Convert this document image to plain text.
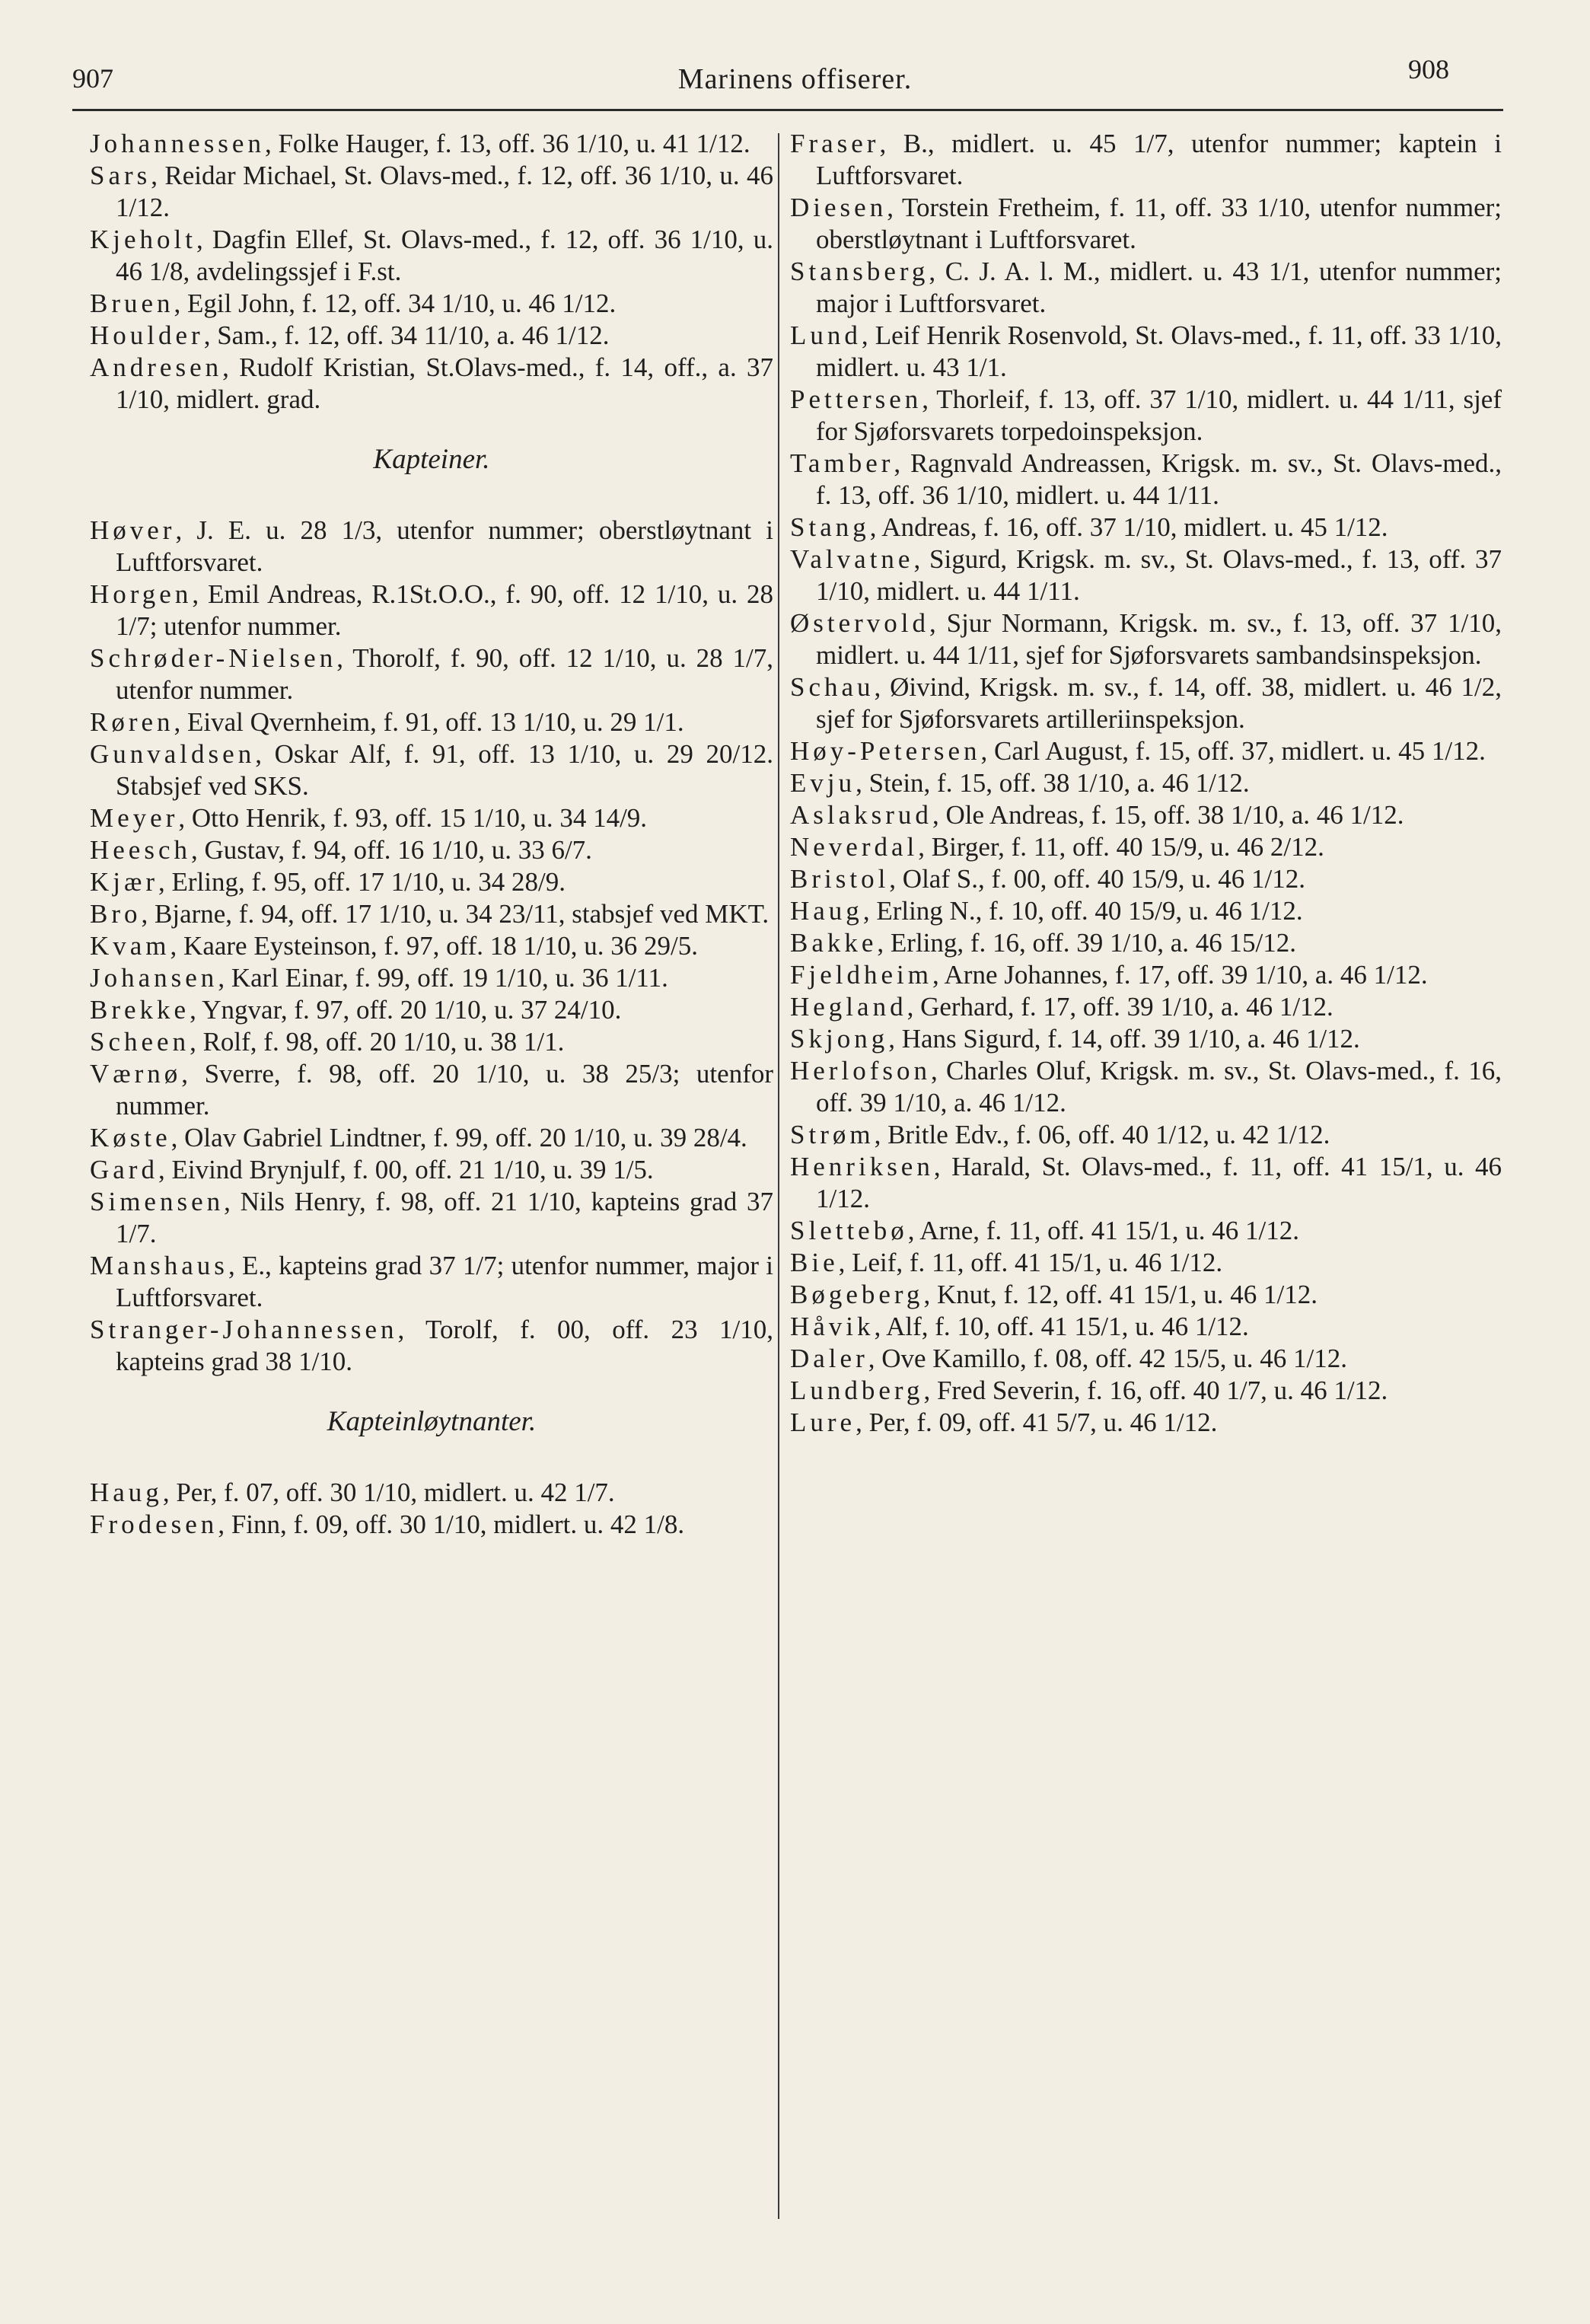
907	Marinens offiserer.	908

Johannessen, Folke Hauger, f. 13, off. 36 1/10, u. 41 1/12.

Sars, Reidar Michael, St. Olavs-med., f. 12, off. 36 1/10, u. 46 1/12.

Kjeholt, Dagfin Ellef, St. Olavs-med., f. 12, off. 36 1/10, u. 46 1/8, avdelingssjef i F.st.

Bruen, Egil John, f. 12, off. 34 1/10, u. 46 1/12.

Houlder, Sam., f. 12, off. 34 11/10, a. 46 1/12.

Andresen, Rudolf Kristian, St.Olavs-med., f. 14, off., a. 37 1/10, midlert. grad.

Kapteiner.

Høver, J. E. u. 28 1/3, utenfor nummer; oberstløytnant i Luftforsvaret.

Horgen, Emil Andreas, R.1St.O.O., f. 90, off. 12 1/10, u. 28 1/7; utenfor nummer.

Schrøder-Nielsen, Thorolf, f. 90, off. 12 1/10, u. 28 1/7, utenfor nummer.

Røren, Eival Qvernheim, f. 91, off. 13 1/10, u. 29 1/1.

Gunvaldsen, Oskar Alf, f. 91, off. 13 1/10, u. 29 20/12. Stabsjef ved SKS.

Meyer, Otto Henrik, f. 93, off. 15 1/10, u. 34 14/9.

Heesch, Gustav, f. 94, off. 16 1/10, u. 33 6/7.

Kjær, Erling, f. 95, off. 17 1/10, u. 34 28/9.

Bro, Bjarne, f. 94, off. 17 1/10, u. 34 23/11, stabsjef ved MKT.

Kvam, Kaare Eysteinson, f. 97, off. 18 1/10, u. 36 29/5.

Johansen, Karl Einar, f. 99, off. 19 1/10, u. 36 1/11.

Brekke, Yngvar, f. 97, off. 20 1/10, u. 37 24/10.

Scheen, Rolf, f. 98, off. 20 1/10, u. 38 1/1.

Værnø, Sverre, f. 98, off. 20 1/10, u. 38 25/3; utenfor nummer.

Køste, Olav Gabriel Lindtner, f. 99, off. 20 1/10, u. 39 28/4.

Gard, Eivind Brynjulf, f. 00, off. 21 1/10, u. 39 1/5.

Simensen, Nils Henry, f. 98, off. 21 1/10, kapteins grad 37 1/7.

Manshaus, E., kapteins grad 37 1/7; utenfor nummer, major i Luftforsvaret.

Stranger-Johannessen, Torolf, f. 00, off. 23 1/10, kapteins grad 38 1/10.

Kapteinløytnanter.

Haug, Per, f. 07, off. 30 1/10, midlert. u. 42 1/7.

Frodesen, Finn, f. 09, off. 30 1/10, midlert. u. 42 1/8.

Fraser, B., midlert. u. 45 1/7, utenfor nummer; kaptein i Luftforsvaret.

Diesen, Torstein Fretheim, f. 11, off. 33 1/10, utenfor nummer; oberstløytnant i Luftforsvaret.

Stansberg, C. J. A. l. M., midlert. u. 43 1/1, utenfor nummer; major i Luftforsvaret.

Lund, Leif Henrik Rosenvold, St. Olavs-med., f. 11, off. 33 1/10, midlert. u. 43 1/1.

Pettersen, Thorleif, f. 13, off. 37 1/10, midlert. u. 44 1/11, sjef for Sjøforsvarets torpedoinspeksjon.

Tamber, Ragnvald Andreassen, Krigsk. m. sv., St. Olavs-med., f. 13, off. 36 1/10, midlert. u. 44 1/11.

Stang, Andreas, f. 16, off. 37 1/10, midlert. u. 45 1/12.

Valvatne, Sigurd, Krigsk. m. sv., St. Olavs-med., f. 13, off. 37 1/10, midlert. u. 44 1/11.

Østervold, Sjur Normann, Krigsk. m. sv., f. 13, off. 37 1/10, midlert. u. 44 1/11, sjef for Sjøforsvarets sambandsinspeksjon.

Schau, Øivind, Krigsk. m. sv., f. 14, off. 38, midlert. u. 46 1/2, sjef for Sjøforsvarets artilleriinspeksjon.

Høy-Petersen, Carl August, f. 15, off. 37, midlert. u. 45 1/12.

Evju, Stein, f. 15, off. 38 1/10, a. 46 1/12.

Aslaksrud, Ole Andreas, f. 15, off. 38 1/10, a. 46 1/12.

Neverdal, Birger, f. 11, off. 40 15/9, u. 46 2/12.

Bristol, Olaf S., f. 00, off. 40 15/9, u. 46 1/12.

Haug, Erling N., f. 10, off. 40 15/9, u. 46 1/12.

Bakke, Erling, f. 16, off. 39 1/10, a. 46 15/12.

Fjeldheim, Arne Johannes, f. 17, off. 39 1/10, a. 46 1/12.

Hegland, Gerhard, f. 17, off. 39 1/10, a. 46 1/12.

Skjong, Hans Sigurd, f. 14, off. 39 1/10, a. 46 1/12.

Herlofson, Charles Oluf, Krigsk. m. sv., St. Olavs-med., f. 16, off. 39 1/10, a. 46 1/12.

Strøm, Britle Edv., f. 06, off. 40 1/12, u. 42 1/12.

Henriksen, Harald, St. Olavs-med., f. 11, off. 41 15/1, u. 46 1/12.

Slettebø, Arne, f. 11, off. 41 15/1, u. 46 1/12.

Bie, Leif, f. 11, off. 41 15/1, u. 46 1/12.

Bøgeberg, Knut, f. 12, off. 41 15/1, u. 46 1/12.

Håvik, Alf, f. 10, off. 41 15/1, u. 46 1/12.

Daler, Ove Kamillo, f. 08, off. 42 15/5, u. 46 1/12.

Lundberg, Fred Severin, f. 16, off. 40 1/7, u. 46 1/12.

Lure, Per, f. 09, off. 41 5/7, u. 46 1/12.
